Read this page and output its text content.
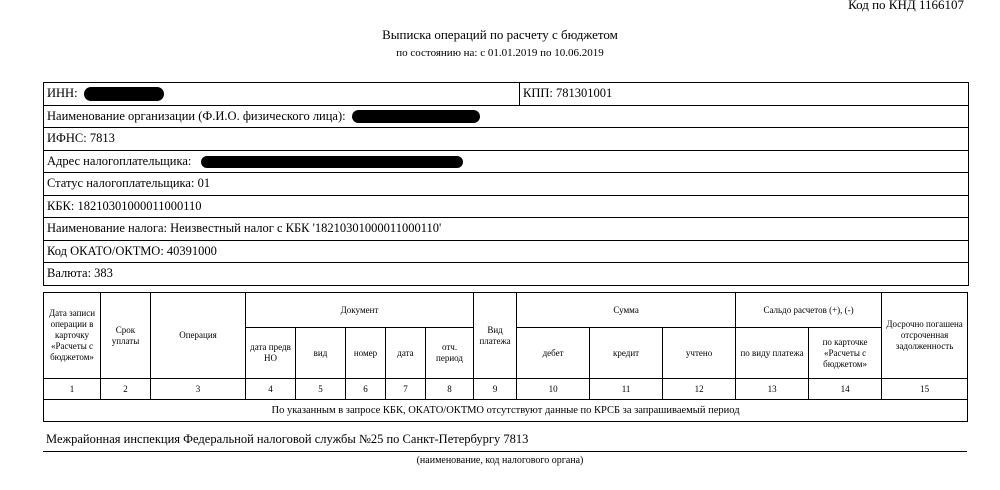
Код по КНД 1166107
Выписка операций по расчету с бюджетом
по состоянию на: с 01.01.2019 по 10.06.2019
ИНН:	КПП: 781301001
Наименование организации (Ф.И.О. физического лица):
ИФНС: 7813
Адрес налогоплательщика:
Статус налогоплательщика: 01
КБК: 18210301000011000110
Наименование налога: Неизвестный налог с КБК '18210301000011000110'
Код ОКАТО/ОКТМО: 40391000
Валюта: 383
Дата записи операции в карточку «Расчеты с бюджетом»	Срок уплаты	Операция	Документ					Вид платежа	Сумма			Сальдо расчетов (+), (-)		Досрочно погашена отсроченная задолженность
			дата предв НО	вид	номер	дата	отч. период		дебет	кредит	учтено	по виду платежа	по карточке «Расчеты с бюджетом»	
1	2	3	4	5	6	7	8	9	10	11	12	13	14	15
По указанным в запросе КБК, ОКАТО/ОКТМО отсутствуют данные по КРСБ за запрашиваемый период														
Межрайонная инспекция Федеральной налоговой службы №25 по Санкт-Петербургу 7813
(наименование, код налогового органа)
